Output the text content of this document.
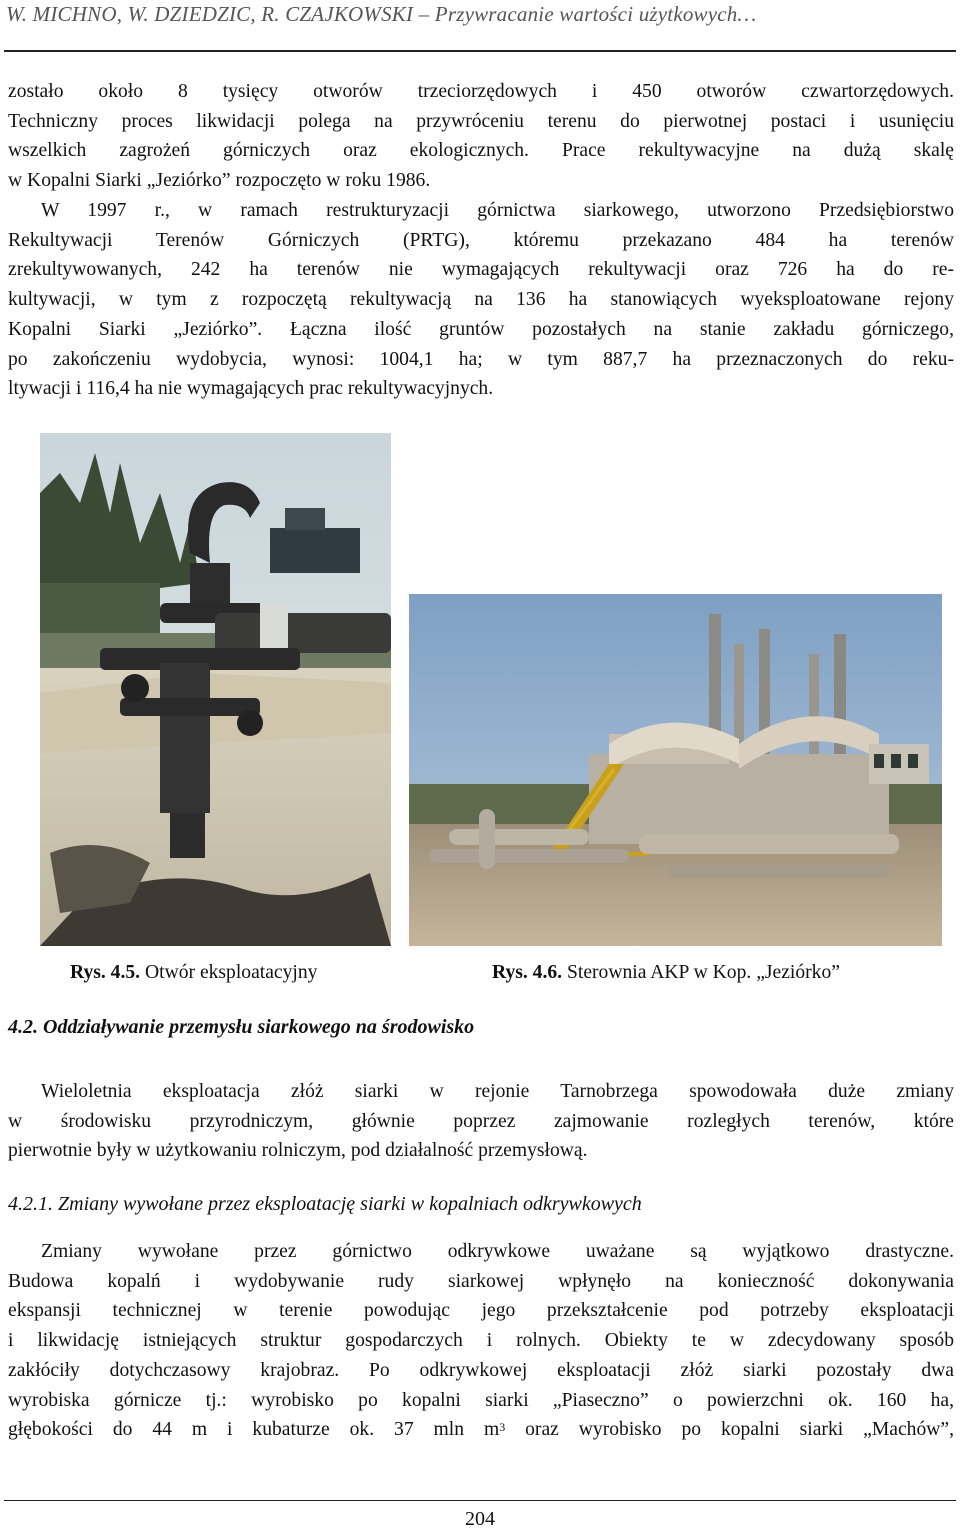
W. MICHNO, W. DZIEDZIC, R. CZAJKOWSKI – Przywracanie wartości użytkowych…
zostało około 8 tysięcy otworów trzeciorzędowych i 450 otworów czwartorzędowych.
Techniczny proces likwidacji polega na przywróceniu terenu do pierwotnej postaci i usunięciu
wszelkich zagrożeń górniczych oraz ekologicznych. Prace rekultywacyjne na dużą skalę
w Kopalni Siarki „Jeziórko” rozpoczęto w roku 1986.
W 1997 r., w ramach restrukturyzacji górnictwa siarkowego, utworzono Przedsiębiorstwo
Rekultywacji Terenów Górniczych (PRTG), któremu przekazano 484 ha terenów
zrekultywowanych, 242 ha terenów nie wymagających rekultywacji oraz 726 ha do re-
kultywacji, w tym z rozpoczętą rekultywacją na 136 ha stanowiących wyeksploatowane rejony
Kopalni Siarki „Jeziórko”. Łączna ilość gruntów pozostałych na stanie zakładu górniczego,
po zakończeniu wydobycia, wynosi: 1004,1 ha; w tym 887,7 ha przeznaczonych do reku-
ltywacji i 116,4 ha nie wymagających prac rekultywacyjnych.
Rys. 4.5. Otwór eksploatacyjny	Rys. 4.6. Sterownia AKP w Kop. „Jeziórko”
4.2. Oddziaływanie przemysłu siarkowego na środowisko
Wieloletnia eksploatacja złóż siarki w rejonie Tarnobrzega spowodowała duże zmiany
w środowisku przyrodniczym, głównie poprzez zajmowanie rozległych terenów, które
pierwotnie były w użytkowaniu rolniczym, pod działalność przemysłową.
4.2.1. Zmiany wywołane przez eksploatację siarki w kopalniach odkrywkowych
Zmiany wywołane przez górnictwo odkrywkowe uważane są wyjątkowo drastyczne.
Budowa kopalń i wydobywanie rudy siarkowej wpłynęło na konieczność dokonywania
ekspansji technicznej w terenie powodując jego przekształcenie pod potrzeby eksploatacji
i likwidację istniejących struktur gospodarczych i rolnych. Obiekty te w zdecydowany sposób
zakłóciły dotychczasowy krajobraz. Po odkrywkowej eksploatacji złóż siarki pozostały dwa
wyrobiska górnicze tj.: wyrobisko po kopalni siarki „Piaseczno” o powierzchni ok. 160 ha,
głębokości do 44 m i kubaturze ok. 37 mln $m^3$ oraz wyrobisko po kopalni siarki „Machów”,
204
